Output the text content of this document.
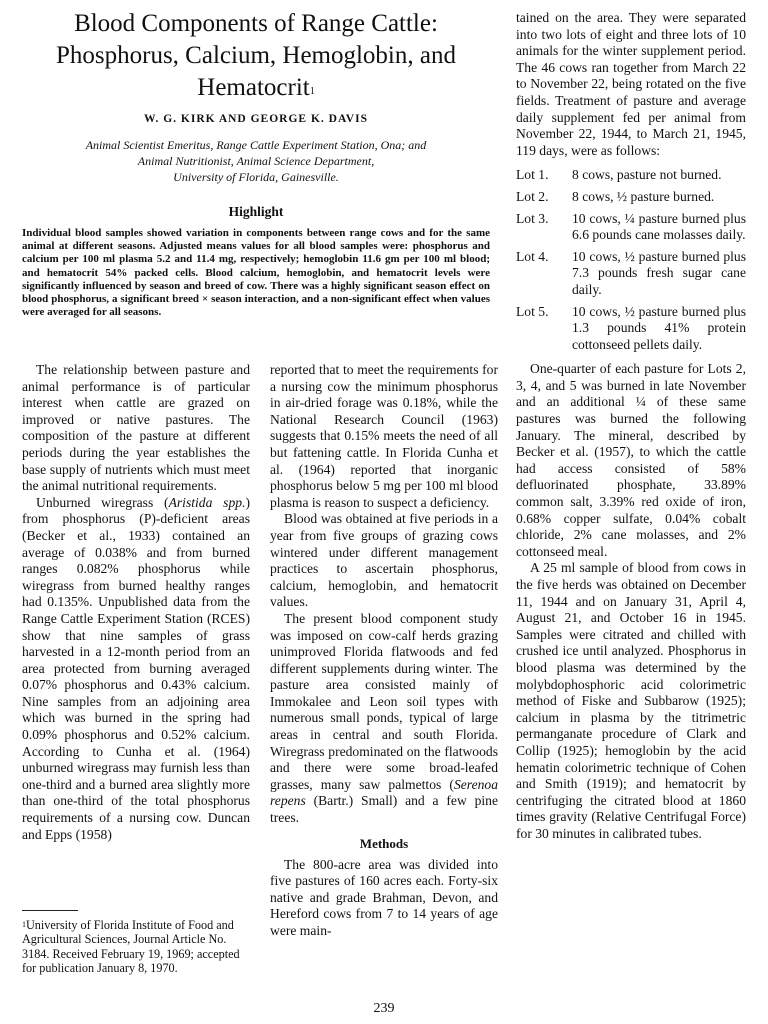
Blood Components of Range Cattle:
Phosphorus, Calcium, Hemoglobin, and
Hematocrit$^1$
W. G. KIRK AND GEORGE K. DAVIS
Animal Scientist Emeritus, Range Cattle Experiment Station, Ona; and
Animal Nutritionist, Animal Science Department,
University of Florida, Gainesville.
Highlight
Individual blood samples showed variation in components between range cows and for the same animal at different seasons. Adjusted means values for all blood samples were: phosphorus and calcium per 100 ml plasma 5.2 and 11.4 mg, respectively; hemoglobin 11.6 gm per 100 ml blood; and hematocrit 54% packed cells. Blood calcium, hemoglobin, and hematocrit levels were significantly influenced by season and breed of cow. There was a highly significant season effect on blood phosphorus, a significant breed × season interaction, and a non-significant effect when values were averaged for all seasons.

The relationship between pasture and animal performance is of particular interest when cattle are grazed on improved or native pastures. The composition of the pasture at different periods during the year establishes the base supply of nutrients which must meet the animal nutritional requirements.

Unburned wiregrass (Aristida spp.) from phosphorus (P)-deficient areas (Becker et al., 1933) contained an average of 0.038% and from burned ranges 0.082% phosphorus while wiregrass from burned healthy ranges had 0.135%. Unpublished data from the Range Cattle Experiment Station (RCES) show that nine samples of grass harvested in a 12-month period from an area protected from burning averaged 0.07% phosphorus and 0.43% calcium. Nine samples from an adjoining area which was burned in the spring had 0.09% phosphorus and 0.52% calcium. According to Cunha et al. (1964) unburned wiregrass may furnish less than one-third and a burned area slightly more than one-third of the total phosphorus requirements of a nursing cow. Duncan and Epps (1958)

$^1$University of Florida Institute of Food and Agricultural Sciences, Journal Article No. 3184. Received February 19, 1969; accepted for publication January 8, 1970.

reported that to meet the requirements for a nursing cow the minimum phosphorus in air-dried forage was 0.18%, while the National Research Council (1963) suggests that 0.15% meets the need of all but fattening cattle. In Florida Cunha et al. (1964) reported that inorganic phosphorus below 5 mg per 100 ml blood plasma is reason to suspect a deficiency.

Blood was obtained at five periods in a year from five groups of grazing cows wintered under different management practices to ascertain phosphorus, calcium, hemoglobin, and hematocrit values.

The present blood component study was imposed on cow-calf herds grazing unimproved Florida flatwoods and fed different supplements during winter. The pasture area consisted mainly of Immokalee and Leon soil types with numerous small ponds, typical of large areas in central and south Florida. Wiregrass predominated on the flatwoods and there were some broad-leafed grasses, many saw palmettos (Serenoa repens (Bartr.) Small) and a few pine trees.

Methods

The 800-acre area was divided into five pastures of 160 acres each. Forty-six native and grade Brahman, Devon, and Hereford cows from 7 to 14 years of age were main-

tained on the area. They were separated into two lots of eight and three lots of 10 animals for the winter supplement period. The 46 cows ran together from March 22 to November 22, being rotated on the five fields. Treatment of pasture and average daily supplement fed per animal from November 22, 1944, to March 21, 1945, 119 days, were as follows:

Lot 1.	8 cows, pasture not burned.
Lot 2.	8 cows, ½ pasture burned.
Lot 3.	10 cows, ¼ pasture burned plus 6.6 pounds cane molasses daily.
Lot 4.	10 cows, ½ pasture burned plus 7.3 pounds fresh sugar cane daily.
Lot 5.	10 cows, ½ pasture burned plus 1.3 pounds 41% protein cottonseed pellets daily.

One-quarter of each pasture for Lots 2, 3, 4, and 5 was burned in late November and an additional ¼ of these same pastures was burned the following January. The mineral, described by Becker et al. (1957), to which the cattle had access consisted of 58% defluorinated phosphate, 33.89% common salt, 3.39% red oxide of iron, 0.68% copper sulfate, 0.04% cobalt chloride, 2% cane molasses, and 2% cottonseed meal.

A 25 ml sample of blood from cows in the five herds was obtained on December 11, 1944 and on January 31, April 4, August 21, and October 16 in 1945. Samples were citrated and chilled with crushed ice until analyzed. Phosphorus in blood plasma was determined by the molybdophosphoric acid colorimetric method of Fiske and Subbarow (1925); calcium in plasma by the titrimetric permanganate procedure of Clark and Collip (1925); hemoglobin by the acid hematin colorimetric technique of Cohen and Smith (1919); and hematocrit by centrifuging the citrated blood at 1860 times gravity (Relative Centrifugal Force) for 30 minutes in calibrated tubes.

239
